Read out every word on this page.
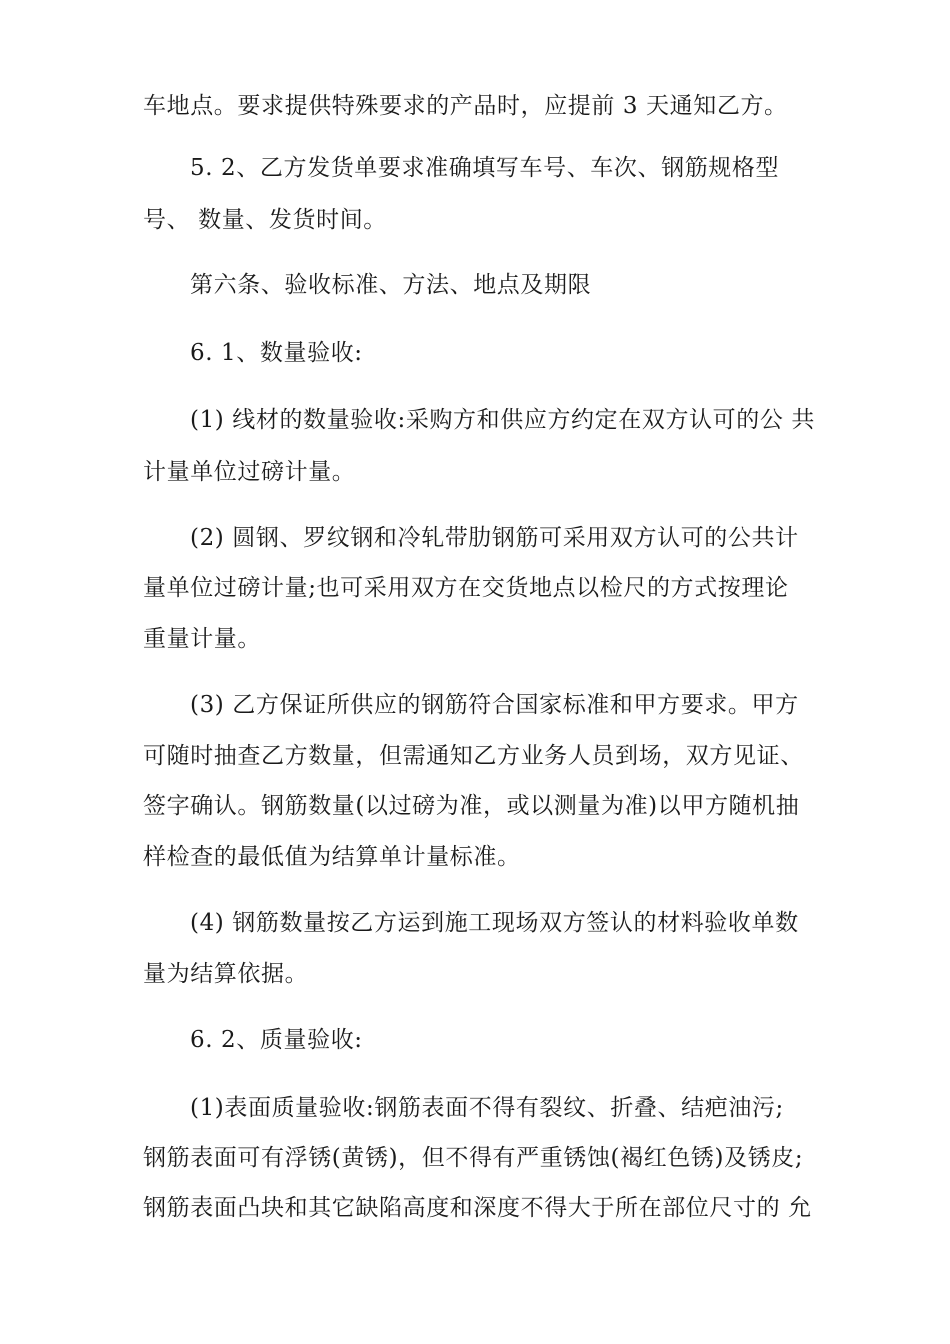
车地点。要求提供特殊要求的产品时，应提前 3 天通知乙方。
5. 2、乙方发货单要求准确填写车号、车次、钢筋规格型
号、 数量、发货时间。
第六条、验收标准、方法、地点及期限
6. 1、数量验收:
(1) 线材的数量验收:采购方和供应方约定在双方认可的公 共
计量单位过磅计量。
(2) 圆钢、罗纹钢和冷轧带肋钢筋可采用双方认可的公共计
量单位过磅计量;也可采用双方在交货地点以检尺的方式按理论
重量计量。
(3) 乙方保证所供应的钢筋符合国家标准和甲方要求。甲方
可随时抽查乙方数量，但需通知乙方业务人员到场，双方见证、
签字确认。钢筋数量(以过磅为准，或以测量为准)以甲方随机抽
样检查的最低值为结算单计量标准。
(4) 钢筋数量按乙方运到施工现场双方签认的材料验收单数
量为结算依据。
6. 2、质量验收:
(1)表面质量验收:钢筋表面不得有裂纹、折叠、结疤油污;
钢筋表面可有浮锈(黄锈)，但不得有严重锈蚀(褐红色锈)及锈皮;
钢筋表面凸块和其它缺陷高度和深度不得大于所在部位尺寸的 允
